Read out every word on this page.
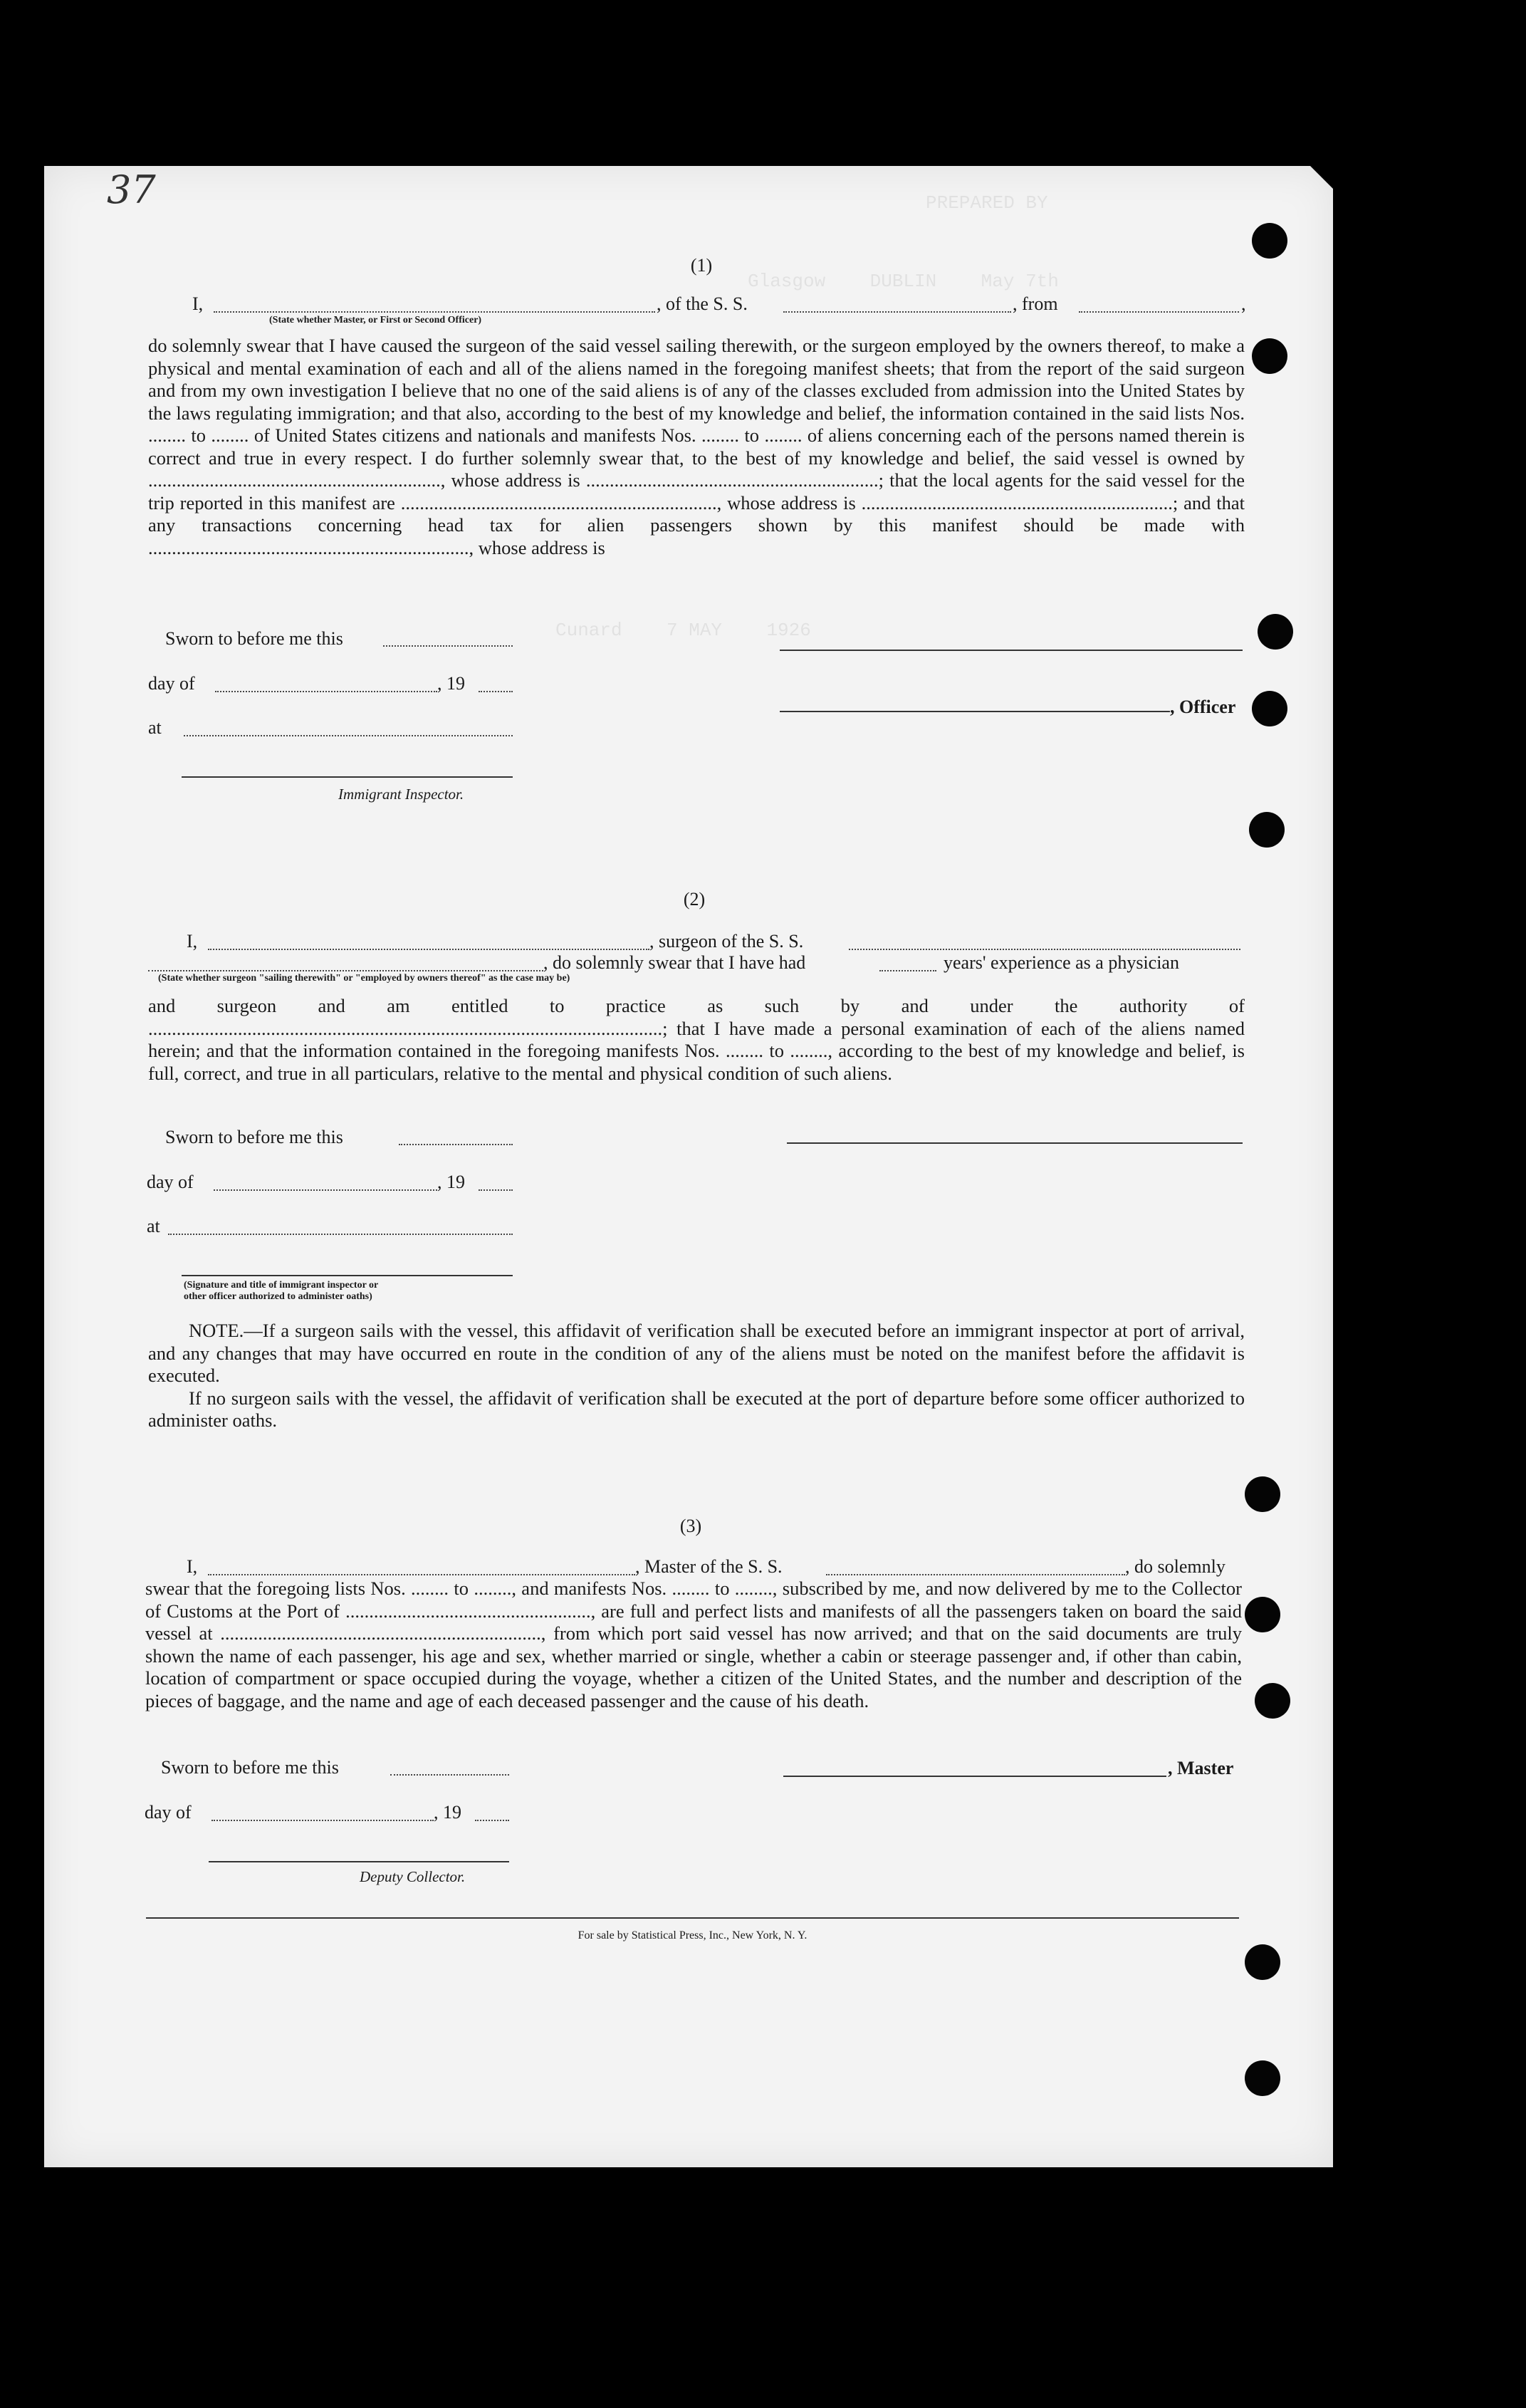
37	PREPARED BY
Glasgow    DUBLIN    May 7th
Cunard    7 MAY    1926
(1)
I,	, of the S. S.	, from	,
(State whether Master, or First or Second Officer)

do solemnly swear that I have caused the surgeon of the said vessel sailing therewith, or the surgeon employed by the owners thereof, to make a physical and mental examination of each and all of the aliens named in the foregoing manifest sheets; that from the report of the said surgeon and from my own investigation I believe that no one of the said aliens is of any of the classes excluded from admission into the United States by the laws regulating immigration; and that also, according to the best of my knowledge and belief, the information contained in the said lists Nos. ........ to ........ of United States citizens and nationals and manifests Nos. ........ to ........ of aliens concerning each of the persons named therein is correct and true in every respect. I do further solemnly swear that, to the best of my knowledge and belief, the said vessel is owned by .............................................................., whose address is ..............................................................; that the local agents for the said vessel for the trip reported in this manifest are ..................................................................., whose address is ..................................................................; and that any transactions concerning head tax for alien passengers shown by this manifest should be made with ...................................................................., whose address is

Sworn to before me this
day of	, 19
, Officer
at
Immigrant Inspector.
(2)
I,	, surgeon of the S. S.
, do solemnly swear that I have had	years' experience as a physician
(State whether surgeon "sailing therewith" or "employed by owners thereof" as the case may be)

and surgeon and am entitled to practice as such by and under the authority of .............................................................................................................; that I have made a personal examination of each of the aliens named herein; and that the information contained in the foregoing manifests Nos. ........ to ........, according to the best of my knowledge and belief, is full, correct, and true in all particulars, relative to the mental and physical condition of such aliens.

Sworn to before me this
day of	, 19
at
(Signature and title of immigrant inspector or
other officer authorized to administer oaths)

NOTE.—If a surgeon sails with the vessel, this affidavit of verification shall be executed before an immigrant inspector at port of arrival, and any changes that may have occurred en route in the condition of any of the aliens must be noted on the manifest before the affidavit is executed.

If no surgeon sails with the vessel, the affidavit of verification shall be executed at the port of departure before some officer authorized to administer oaths.

(3)
I,	, Master of the S. S.	, do solemnly

swear that the foregoing lists Nos. ........ to ........, and manifests Nos. ........ to ........, subscribed by me, and now delivered by me to the Collector of Customs at the Port of ...................................................., are full and perfect lists and manifests of all the passengers taken on board the said vessel at ...................................................................., from which port said vessel has now arrived; and that on the said documents are truly shown the name of each passenger, his age and sex, whether married or single, whether a cabin or steerage passenger and, if other than cabin, location of compartment or space occupied during the voyage, whether a citizen of the United States, and the number and description of the pieces of baggage, and the name and age of each deceased passenger and the cause of his death.

Sworn to before me this	, Master
day of	, 19
Deputy Collector.
For sale by Statistical Press, Inc., New York, N. Y.
